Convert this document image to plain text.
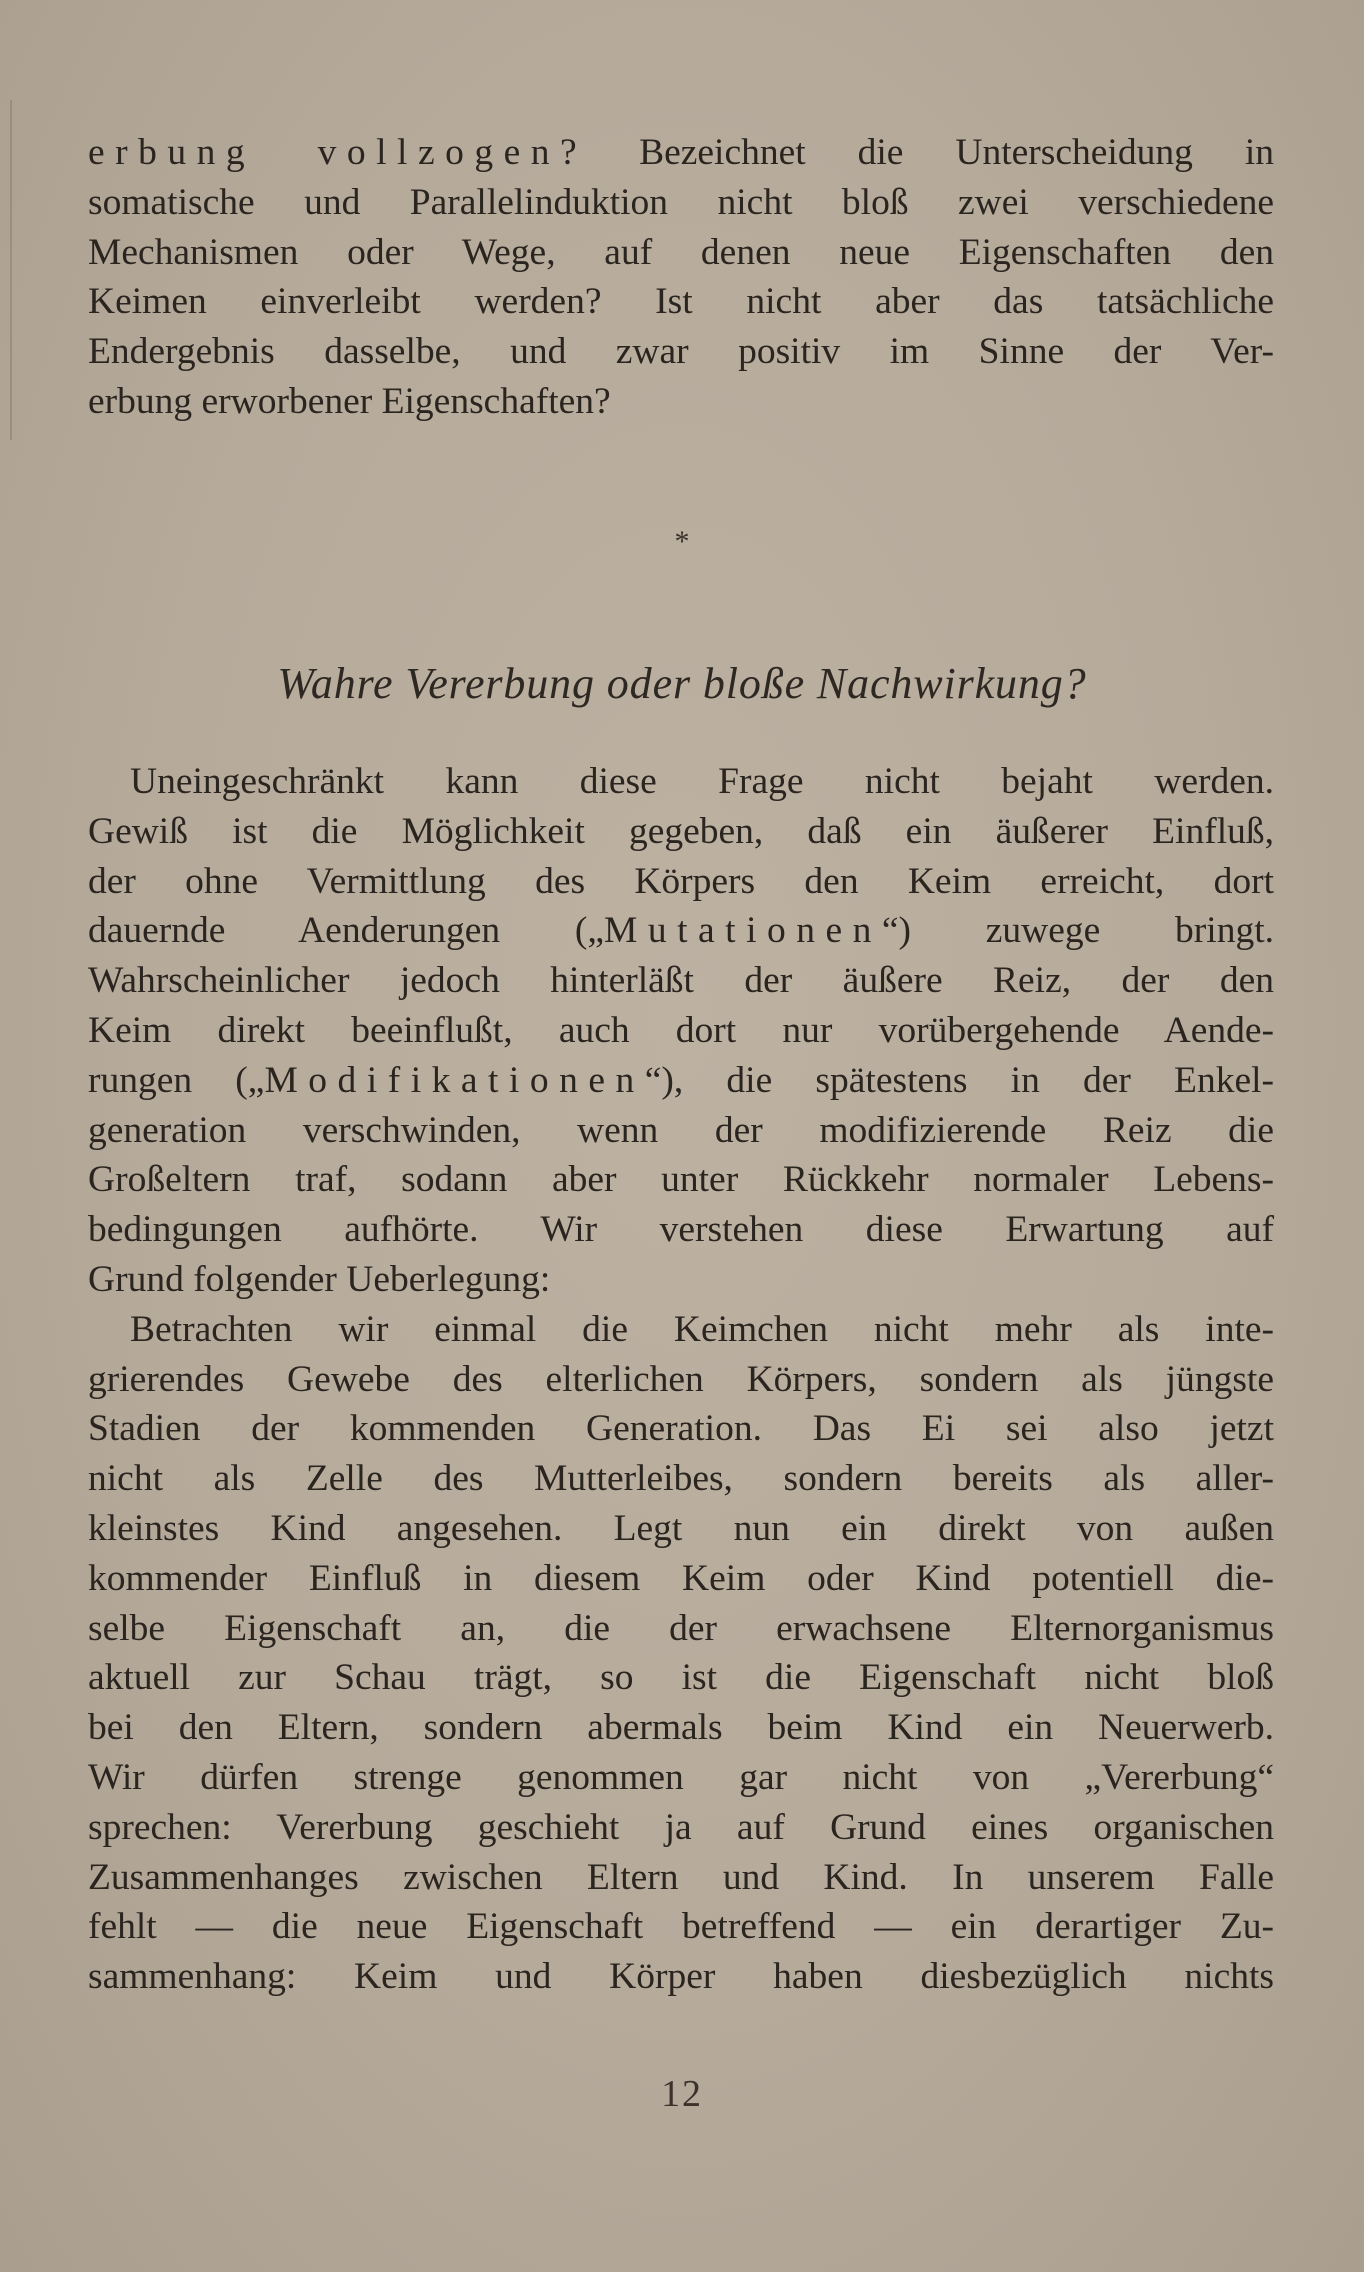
erbung vollzogen? Bezeichnet die Unterscheidung in
somatische und Parallelinduktion nicht bloß zwei verschiedene
Mechanismen oder Wege, auf denen neue Eigenschaften den
Keimen einverleibt werden? Ist nicht aber das tatsächliche
Endergebnis dasselbe, und zwar positiv im Sinne der Ver-
erbung erworbener Eigenschaften?
*
Wahre Vererbung oder bloße Nachwirkung?
Uneingeschränkt kann diese Frage nicht bejaht werden.
Gewiß ist die Möglichkeit gegeben, daß ein äußerer Einfluß,
der ohne Vermittlung des Körpers den Keim erreicht, dort
dauernde Aenderungen („Mutationen“) zuwege bringt.
Wahrscheinlicher jedoch hinterläßt der äußere Reiz, der den
Keim direkt beeinflußt, auch dort nur vorübergehende Aende-
rungen („Modifikationen“), die spätestens in der Enkel-
generation verschwinden, wenn der modifizierende Reiz die
Großeltern traf, sodann aber unter Rückkehr normaler Lebens-
bedingungen aufhörte. Wir verstehen diese Erwartung auf
Grund folgender Ueberlegung:
Betrachten wir einmal die Keimchen nicht mehr als inte-
grierendes Gewebe des elterlichen Körpers, sondern als jüngste
Stadien der kommenden Generation. Das Ei sei also jetzt
nicht als Zelle des Mutterleibes, sondern bereits als aller-
kleinstes Kind angesehen. Legt nun ein direkt von außen
kommender Einfluß in diesem Keim oder Kind potentiell die-
selbe Eigenschaft an, die der erwachsene Elternorganismus
aktuell zur Schau trägt, so ist die Eigenschaft nicht bloß
bei den Eltern, sondern abermals beim Kind ein Neuerwerb.
Wir dürfen strenge genommen gar nicht von „Vererbung“
sprechen: Vererbung geschieht ja auf Grund eines organischen
Zusammenhanges zwischen Eltern und Kind. In unserem Falle
fehlt — die neue Eigenschaft betreffend — ein derartiger Zu-
sammenhang: Keim und Körper haben diesbezüglich nichts
12
